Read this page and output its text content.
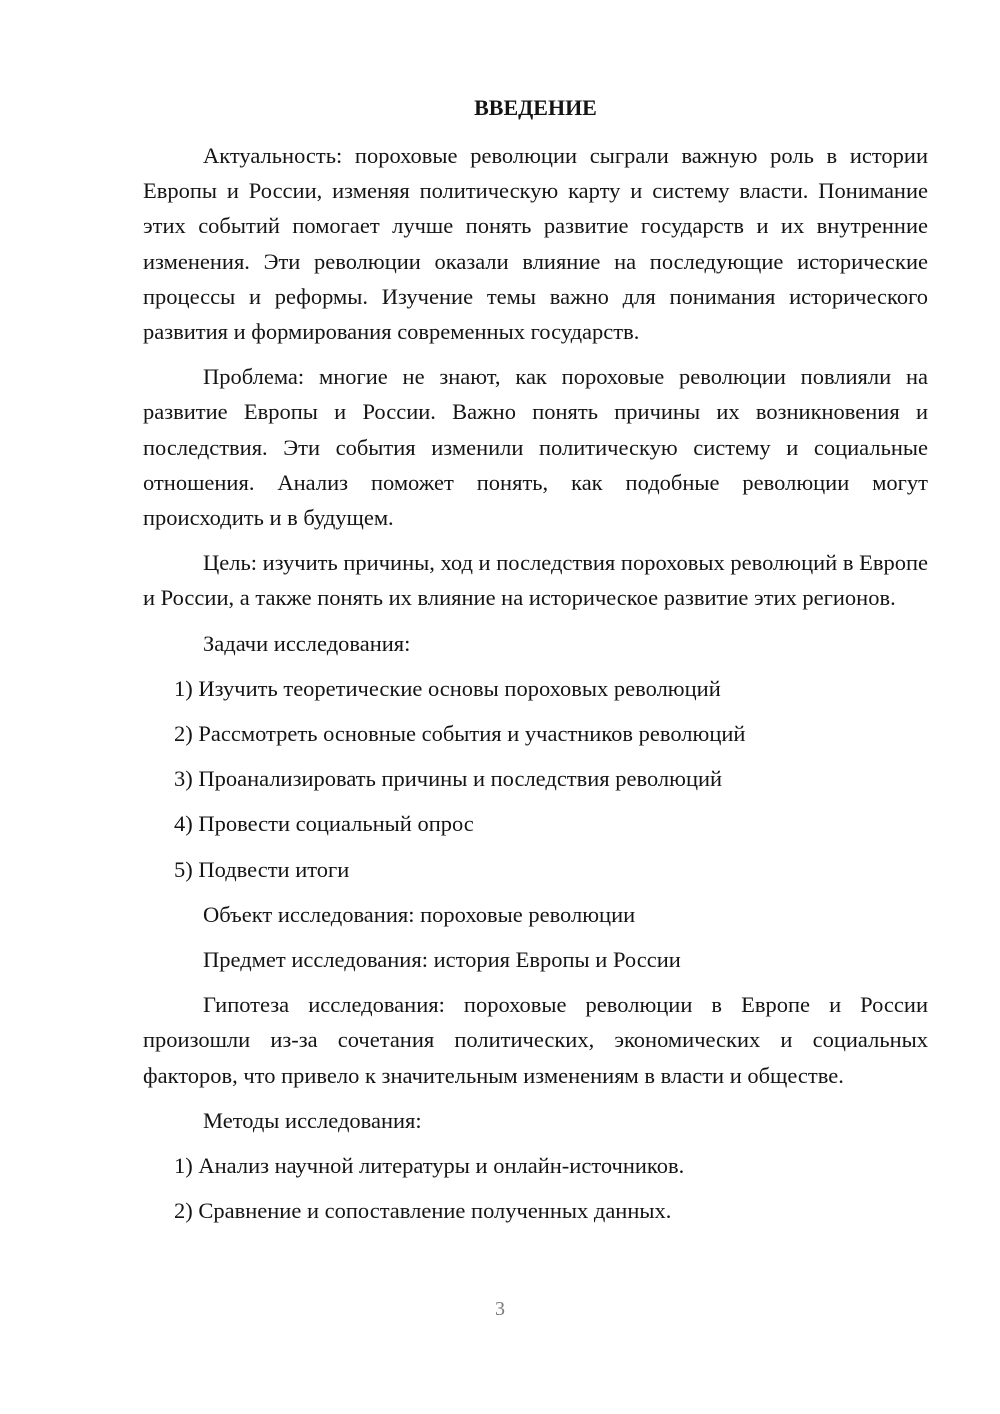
ВВЕДЕНИЕ

Актуальность: пороховые революции сыграли важную роль в истории Европы и России, изменяя политическую карту и систему власти. Понимание этих событий помогает лучше понять развитие государств и их внутренние изменения. Эти революции оказали влияние на последующие исторические процессы и реформы. Изучение темы важно для понимания исторического развития и формирования современных государств.

Проблема: многие не знают, как пороховые революции повлияли на развитие Европы и России. Важно понять причины их возникновения и последствия. Эти события изменили политическую систему и социальные отношения. Анализ поможет понять, как подобные революции могут происходить и в будущем.

Цель: изучить причины, ход и последствия пороховых революций в Европе и России, а также понять их влияние на историческое развитие этих регионов.

Задачи исследования:
1) Изучить теоретические основы пороховых революций
2) Рассмотреть основные события и участников революций
3) Проанализировать причины и последствия революций
4) Провести социальный опрос
5) Подвести итоги
Объект исследования: пороховые революции
Предмет исследования: история Европы и России

Гипотеза исследования: пороховые революции в Европе и России произошли из-за сочетания политических, экономических и социальных факторов, что привело к значительным изменениям в власти и обществе.

Методы исследования:
1) Анализ научной литературы и онлайн-источников.
2) Сравнение и сопоставление полученных данных.
3
